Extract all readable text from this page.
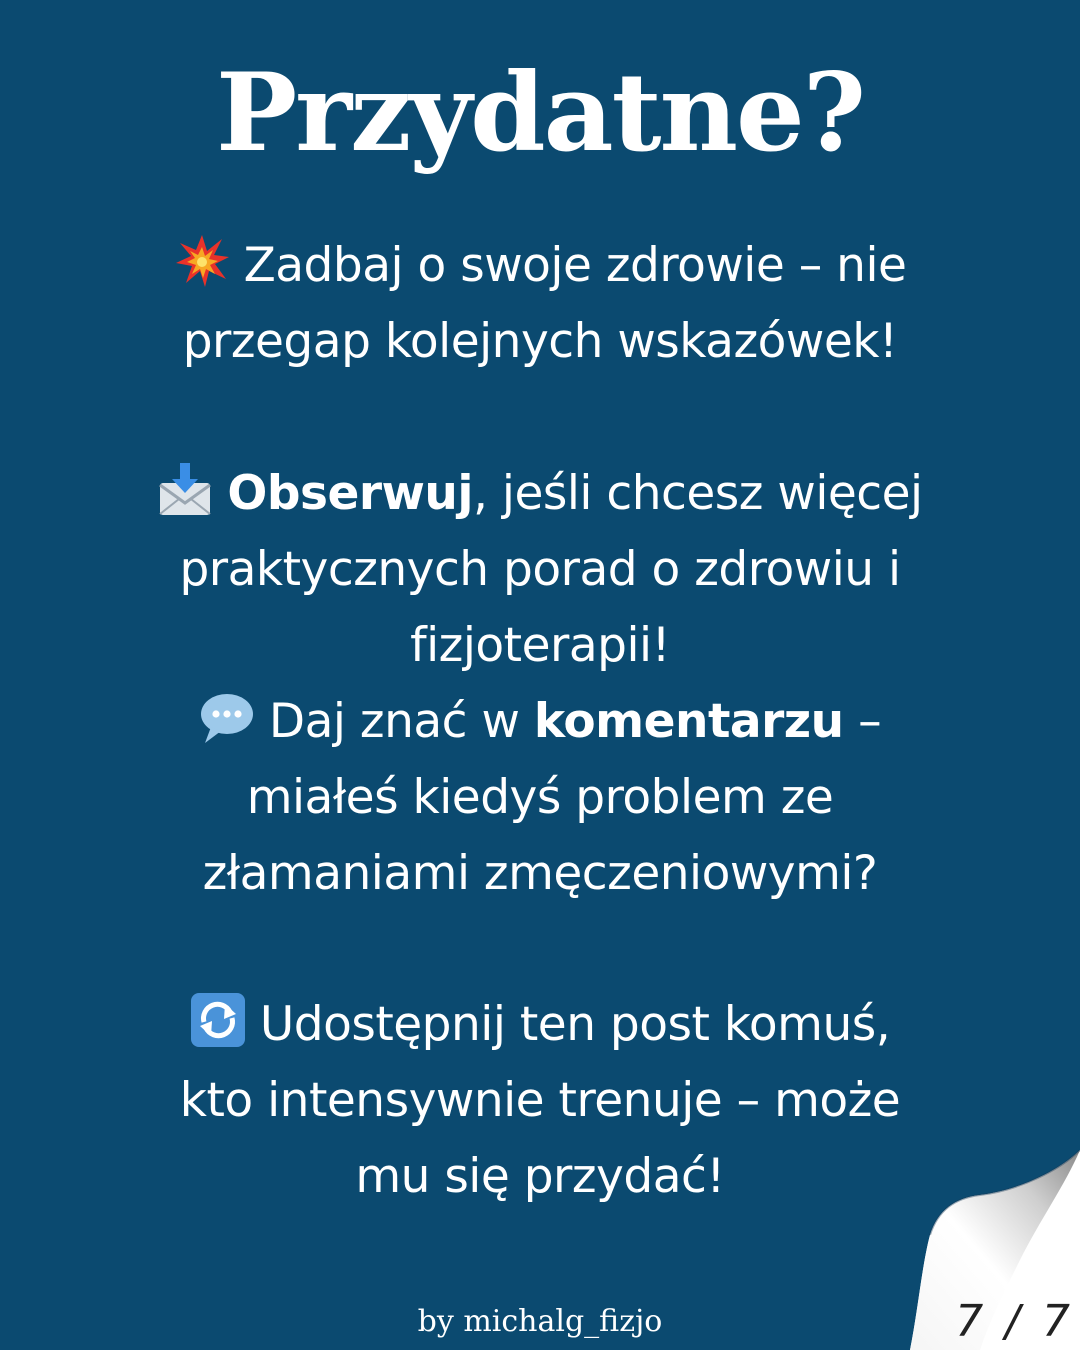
Przydatne?
Zadbaj o swoje zdrowie – nie
przegap kolejnych wskazówek!
Obserwuj, jeśli chcesz więcej
praktycznych porad o zdrowiu i
fizjoterapii!
Daj znać w komentarzu –
miałeś kiedyś problem ze
złamaniami zmęczeniowymi?
Udostępnij ten post komuś,
kto intensywnie trenuje – może
mu się przydać!
by michalg_fizjo	7 / 7
